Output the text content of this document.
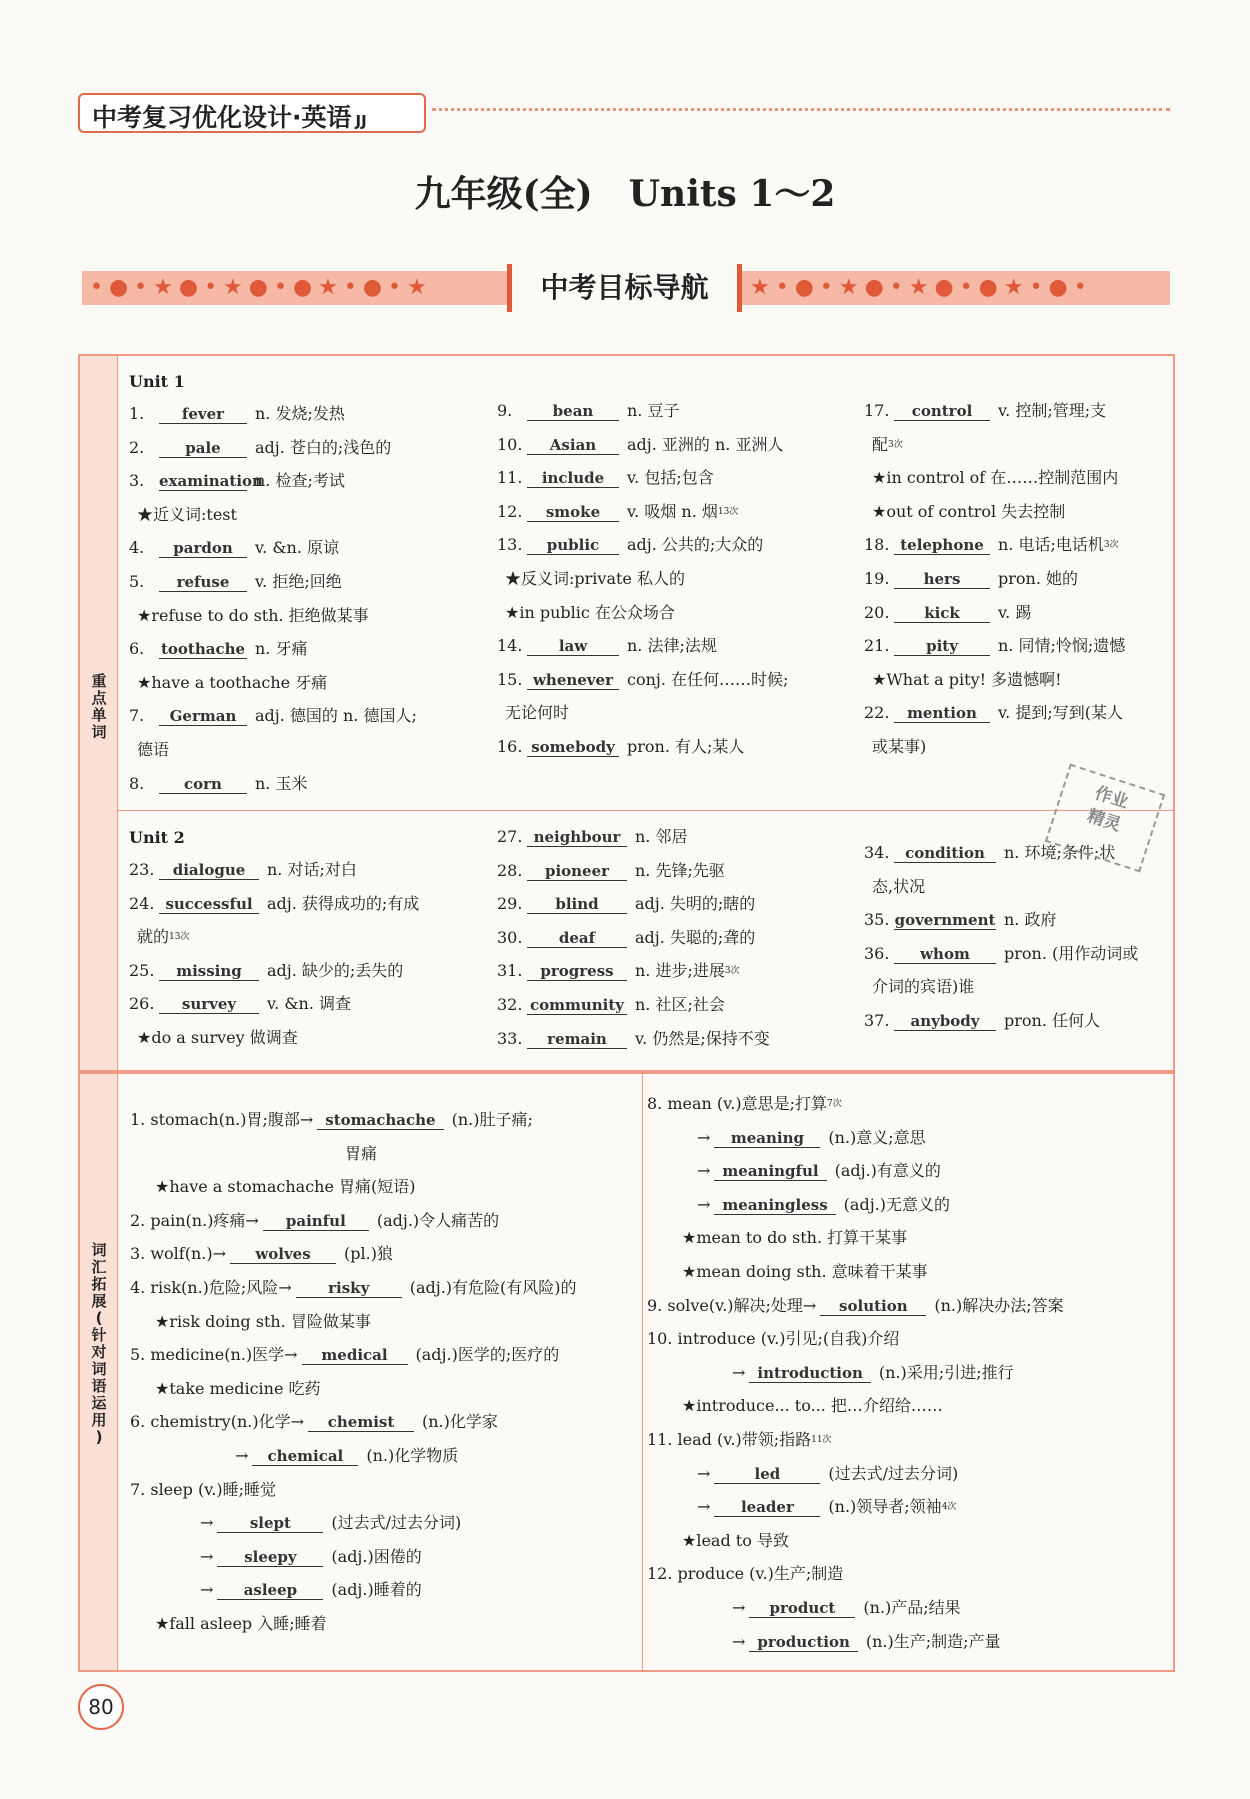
中考复习优化设计·英语 JJ
九年级(全)　Units 1～2
•●•★●•★●•●★•●•★	★•●•★●•★●•●★•●•
中考目标导航
重
点
单
词
Unit 1
Unit 2
1.	fever n. 发烧;发热
2.	pale adj. 苍白的;浅色的
3. examinationn. 检查;考试
★近义词:test
4. pardon v. &n. 原谅
5. refuse v. 拒绝;回绝
★refuse to do sth. 拒绝做某事
6. toothache n. 牙痛
★have a toothache 牙痛
7. German adj. 德国的 n. 德国人;
德语
8.	corn n. 玉米
9.	bean n. 豆子
10. Asian adj. 亚洲的 n. 亚洲人
11. include v. 包括;包含
12. smoke v. 吸烟 n. 烟$^{13次}$
13. public adj. 公共的;大众的
★反义词:private 私人的
★in public 在公众场合
14. law n. 法律;法规
15. whenever conj. 在任何……时候;
无论何时
16. somebody pron. 有人;某人
17. control v. 控制;管理;支
配$^{3次}$
★in control of 在……控制范围内
★out of control 失去控制
18. telephone n. 电话;电话机$^{3次}$
19. hers pron. 她的
20. kick v. 踢
21. pity	n. 同情;怜悯;遗憾
★What a pity! 多遗憾啊!
22. mention v. 提到;写到(某人
或某事)
23. dialogue n. 对话;对白
24. successful adj. 获得成功的;有成
就的$^{13次}$
25. missing adj. 缺少的;丢失的
26. survey v. &n. 调查
★do a survey 做调查
27. neighbour n. 邻居
28. pioneer n. 先锋;先驱
29. blind adj. 失明的;瞎的
30. deaf adj. 失聪的;聋的
31. progress n. 进步;进展$^{3次}$
32. community n. 社区;社会
33. remain v. 仍然是;保持不变
34. condition n. 环境;条件;状
态,状况
35. government n. 政府
36. whom pron. (用作动词或
介词的宾语)谁
37. anybody pron. 任何人
作业
精灵
词
汇
拓
展
(
针
对
词
语
运
用
)
1. stomach(n.)胃;腹部→ stomachache (n.)肚子痛;
胃痛
★have a stomachache 胃痛(短语)
2. pain(n.)疼痛→ painful (adj.)令人痛苦的
3. wolf(n.)→ wolves (pl.)狼
4. risk(n.)危险;风险→ risky	(adj.)有危险(有风险)的
★risk doing sth. 冒险做某事
5. medicine(n.)医学→ medical (adj.)医学的;医疗的
★take medicine 吃药
6. chemistry(n.)化学→ chemist (n.)化学家
→ chemical (n.)化学物质
7. sleep (v.)睡;睡觉
→ slept	(过去式/过去分词)
→ sleepy (adj.)困倦的
→ asleep (adj.)睡着的
★fall asleep 入睡;睡着
8. mean (v.)意思是;打算$^{7次}$
→ meaning (n.)意义;意思
→ meaningful (adj.)有意义的
→ meaningless (adj.)无意义的
★mean to do sth. 打算干某事
★mean doing sth. 意味着干某事
9. solve(v.)解决;处理→ solution (n.)解决办法;答案
10. introduce (v.)引见;(自我)介绍
→ introduction (n.)采用;引进;推行
★introduce... to... 把…介绍给……
11. lead (v.)带领;指路$^{11次}$
→	led	(过去式/过去分词)
→ leader (n.)领导者;领袖$^{4次}$
★lead to 导致
12. produce (v.)生产;制造
→ product (n.)产品;结果
→ production (n.)生产;制造;产量
80
